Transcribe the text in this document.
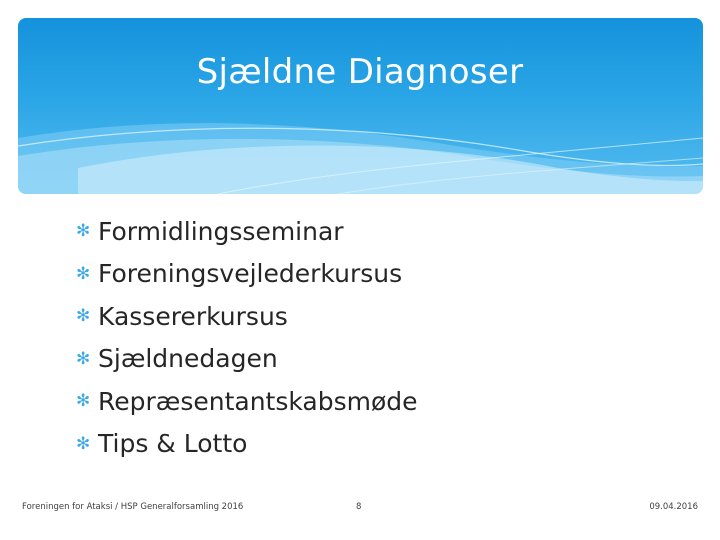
Sjældne Diagnoser
✻ Formidlingsseminar
✻ Foreningsvejlederkursus
✻ Kassererkursus
✻ Sjældnedagen
✻ Repræsentantskabsmøde
✻ Tips & Lotto
Foreningen for Ataksi / HSP Generalforsamling 2016	8	09.04.2016
